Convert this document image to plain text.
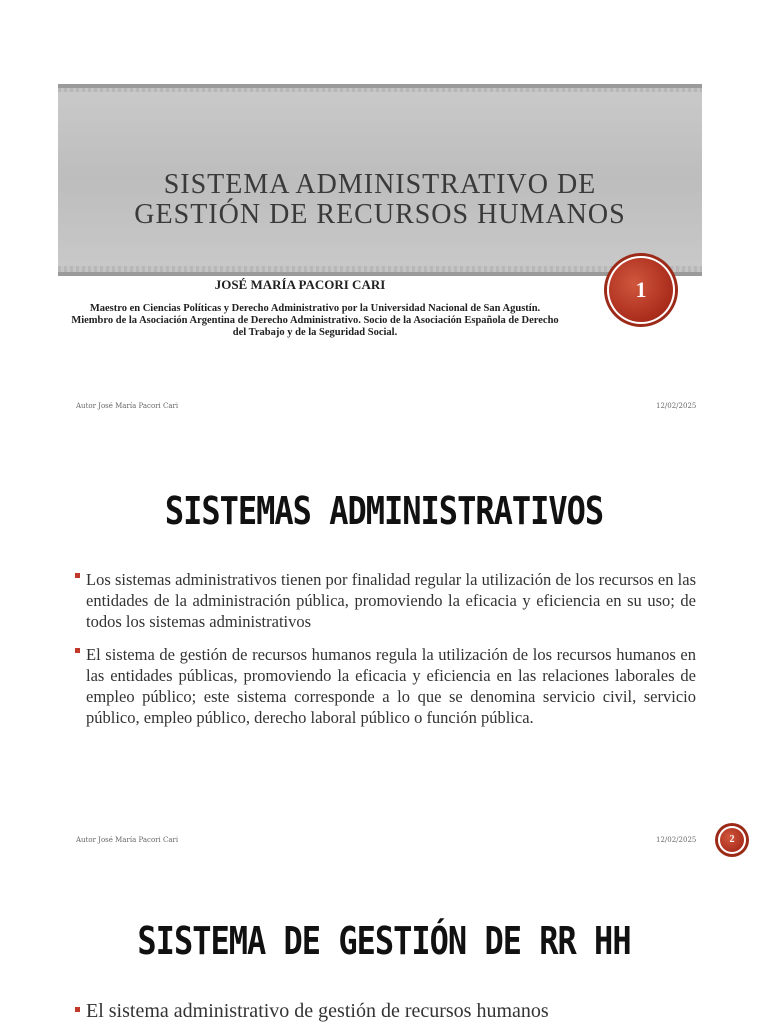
SISTEMA ADMINISTRATIVO DE
GESTIÓN DE RECURSOS HUMANOS
JOSÉ MARÍA PACORI CARI
Maestro en Ciencias Políticas y Derecho Administrativo por la Universidad Nacional de San Agustín. Miembro de la Asociación Argentina de Derecho Administrativo. Socio de la Asociación Española de Derecho del Trabajo y de la Seguridad Social.
1
Autor José María Pacori Cari	12/02/2025
SISTEMAS ADMINISTRATIVOS
Los sistemas administrativos tienen por finalidad regular la utilización de los recursos en las entidades de la administración pública, promoviendo la eficacia y eficiencia en su uso; de todos los sistemas administrativos
El sistema de gestión de recursos humanos regula la utilización de los recursos humanos en las entidades públicas, promoviendo la eficacia y eficiencia en las relaciones laborales de empleo público; este sistema corresponde a lo que se denomina servicio civil, servicio público, empleo público, derecho laboral público o función pública.
Autor José María Pacori Cari	12/02/2025	2
SISTEMA DE GESTIÓN DE RR HH
El sistema administrativo de gestión de recursos humanos
